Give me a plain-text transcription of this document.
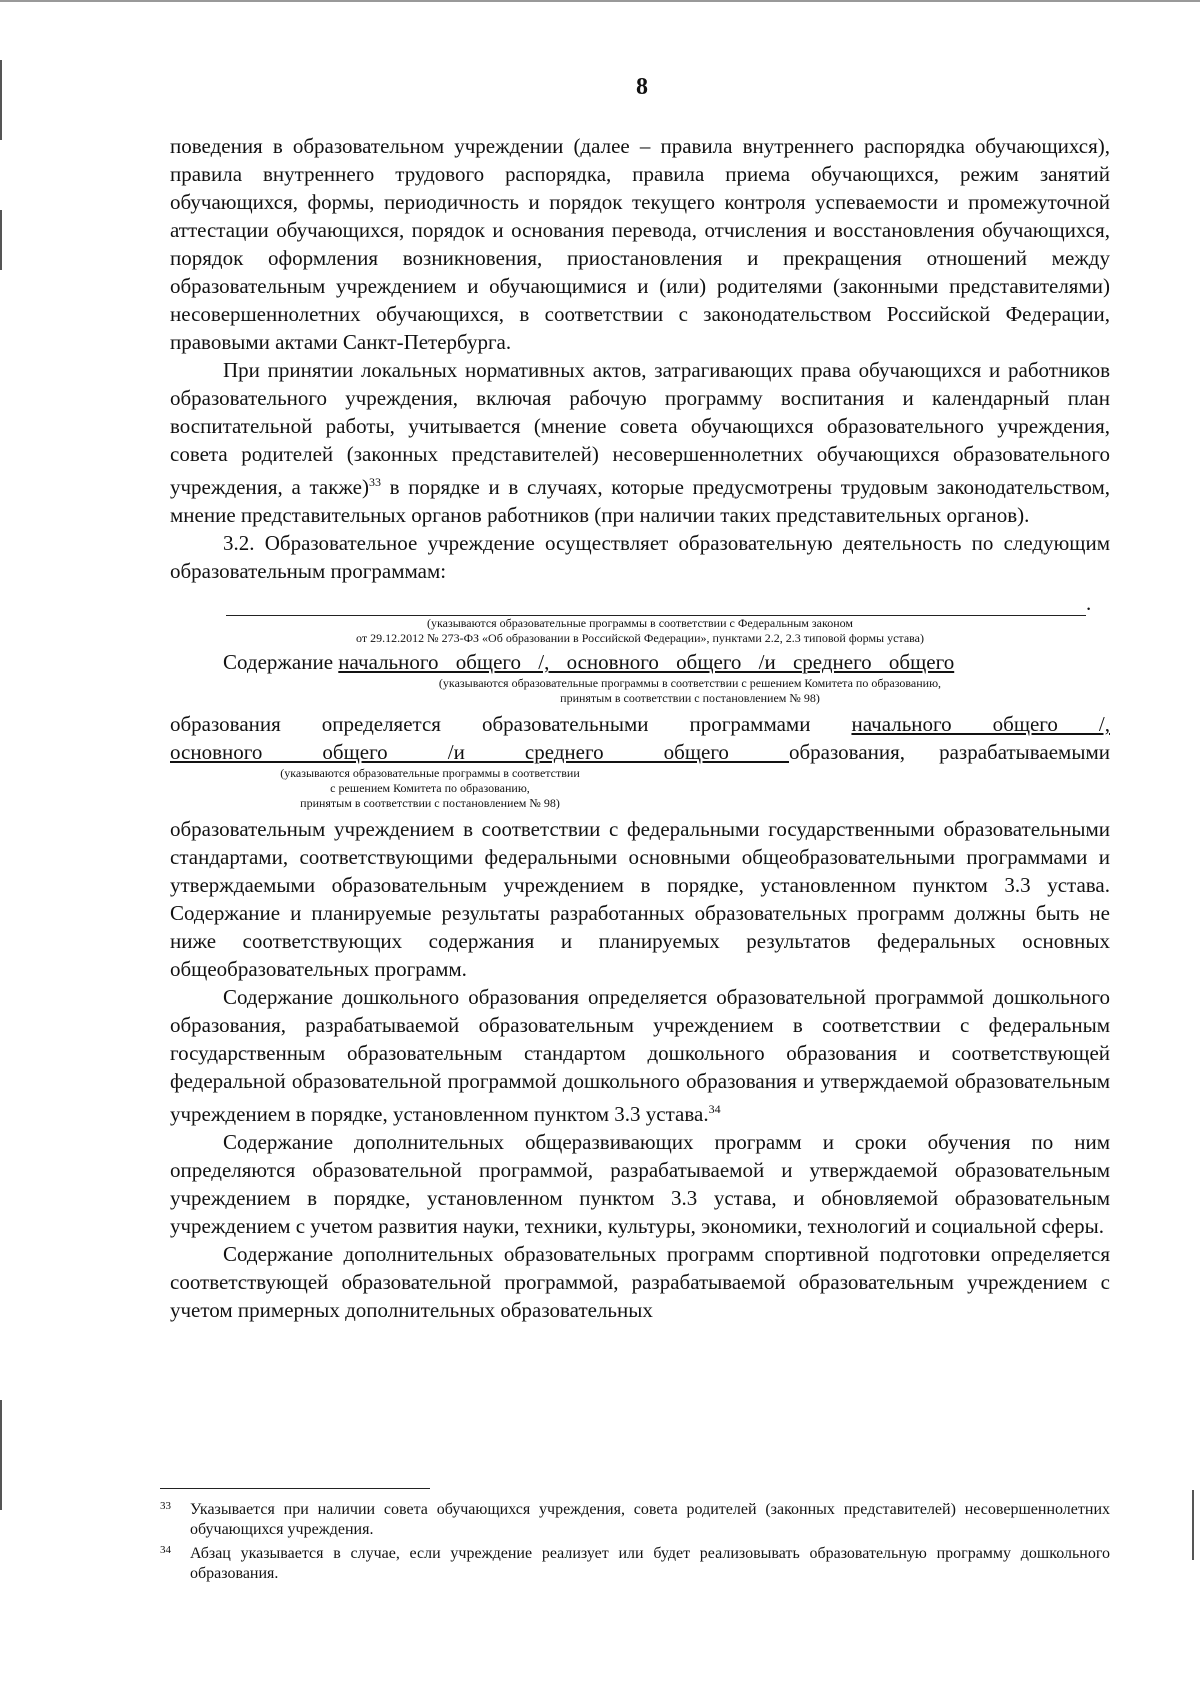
8

поведения в образовательном учреждении (далее – правила внутреннего распорядка обучающихся), правила внутреннего трудового распорядка, правила приема обучающихся, режим занятий обучающихся, формы, периодичность и порядок текущего контроля успеваемости и промежуточной аттестации обучающихся, порядок и основания перевода, отчисления и восстановления обучающихся, порядок оформления возникновения, приостановления и прекращения отношений между образовательным учреждением и обучающимися и (или) родителями (законными представителями) несовершеннолетних обучающихся, в соответствии с законодательством Российской Федерации, правовыми актами Санкт-Петербурга.

При принятии локальных нормативных актов, затрагивающих права обучающихся и работников образовательного учреждения, включая рабочую программу воспитания и календарный план воспитательной работы, учитывается (мнение совета обучающихся образовательного учреждения, совета родителей (законных представителей) несовершеннолетних обучающихся образовательного учреждения, а также)$^{33}$ в порядке и в случаях, которые предусмотрены трудовым законодательством, мнение представительных органов работников (при наличии таких представительных органов).

3.2. Образовательное учреждение осуществляет образовательную деятельность по следующим образовательным программам:

.
(указываются образовательные программы в соответствии с Федеральным законом
от 29.12.2012 № 273-ФЗ «Об образовании в Российской Федерации», пунктами 2.2, 2.3 типовой формы устава)

Содержание начального общего /, основного общего /и среднего общего

(указываются образовательные программы в соответствии с решением Комитета по образованию,
принятым в соответствии с постановлением № 98)

образования определяется образовательными программами начального общего /,

основного общего /и среднего общего образования, разрабатываемыми

(указываются образовательные программы в соответствии
с решением Комитета по образованию,
принятым в соответствии с постановлением № 98)

образовательным учреждением в соответствии с федеральными государственными образовательными стандартами, соответствующими федеральными основными общеобразовательными программами и утверждаемыми образовательным учреждением в порядке, установленном пунктом 3.3 устава. Содержание и планируемые результаты разработанных образовательных программ должны быть не ниже соответствующих содержания и планируемых результатов федеральных основных общеобразовательных программ.

Содержание дошкольного образования определяется образовательной программой дошкольного образования, разрабатываемой образовательным учреждением в соответствии с федеральным государственным образовательным стандартом дошкольного образования и соответствующей федеральной образовательной программой дошкольного образования и утверждаемой образовательным учреждением в порядке, установленном пунктом 3.3 устава.$^{34}$

Содержание дополнительных общеразвивающих программ и сроки обучения по ним определяются образовательной программой, разрабатываемой и утверждаемой образовательным учреждением в порядке, установленном пунктом 3.3 устава, и обновляемой образовательным учреждением с учетом развития науки, техники, культуры, экономики, технологий и социальной сферы.

Содержание дополнительных образовательных программ спортивной подготовки определяется соответствующей образовательной программой, разрабатываемой образовательным учреждением с учетом примерных дополнительных образовательных

33 Указывается при наличии совета обучающихся учреждения, совета родителей (законных представителей) несовершеннолетних обучающихся учреждения.
34 Абзац указывается в случае, если учреждение реализует или будет реализовывать образовательную программу дошкольного образования.
